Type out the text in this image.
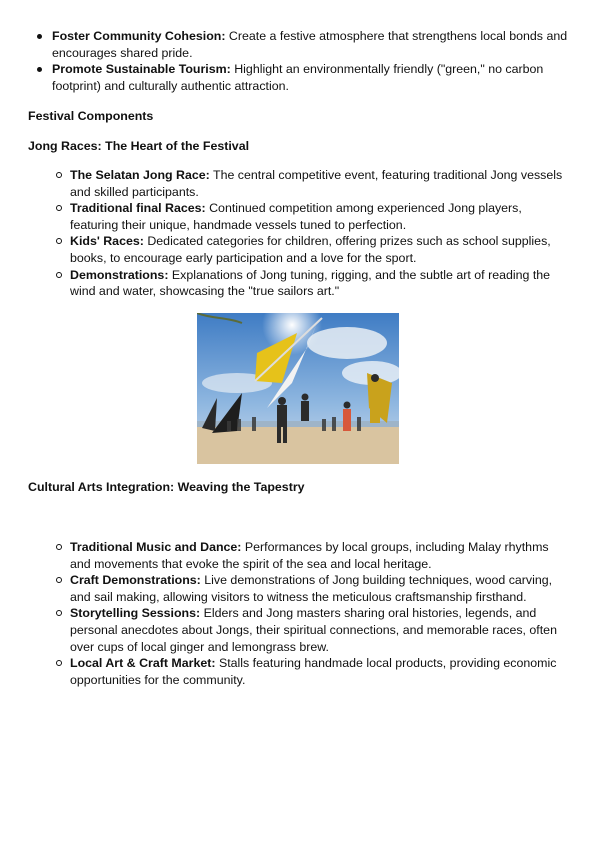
Foster Community Cohesion: Create a festive atmosphere that strengthens local bonds and encourages shared pride.
Promote Sustainable Tourism: Highlight an environmentally friendly ("green," no carbon footprint) and culturally authentic attraction.
Festival Components
Jong Races: The Heart of the Festival
The Selatan Jong Race: The central competitive event, featuring traditional Jong vessels and skilled participants.
Traditional final Races: Continued competition among experienced Jong players, featuring their unique, handmade vessels tuned to perfection.
Kids' Races: Dedicated categories for children, offering prizes such as school supplies, books, to encourage early participation and a love for the sport.
Demonstrations: Explanations of Jong tuning, rigging, and the subtle art of reading the wind and water, showcasing the "true sailors art."
Cultural Arts Integration: Weaving the Tapestry
Traditional Music and Dance: Performances by local groups, including Malay rhythms and movements that evoke the spirit of the sea and local heritage.
Craft Demonstrations: Live demonstrations of Jong building techniques, wood carving, and sail making, allowing visitors to witness the meticulous craftsmanship firsthand.
Storytelling Sessions: Elders and Jong masters sharing oral histories, legends, and personal anecdotes about Jongs, their spiritual connections, and memorable races, often over cups of local ginger and lemongrass brew.
Local Art & Craft Market: Stalls featuring handmade local products, providing economic opportunities for the community.
